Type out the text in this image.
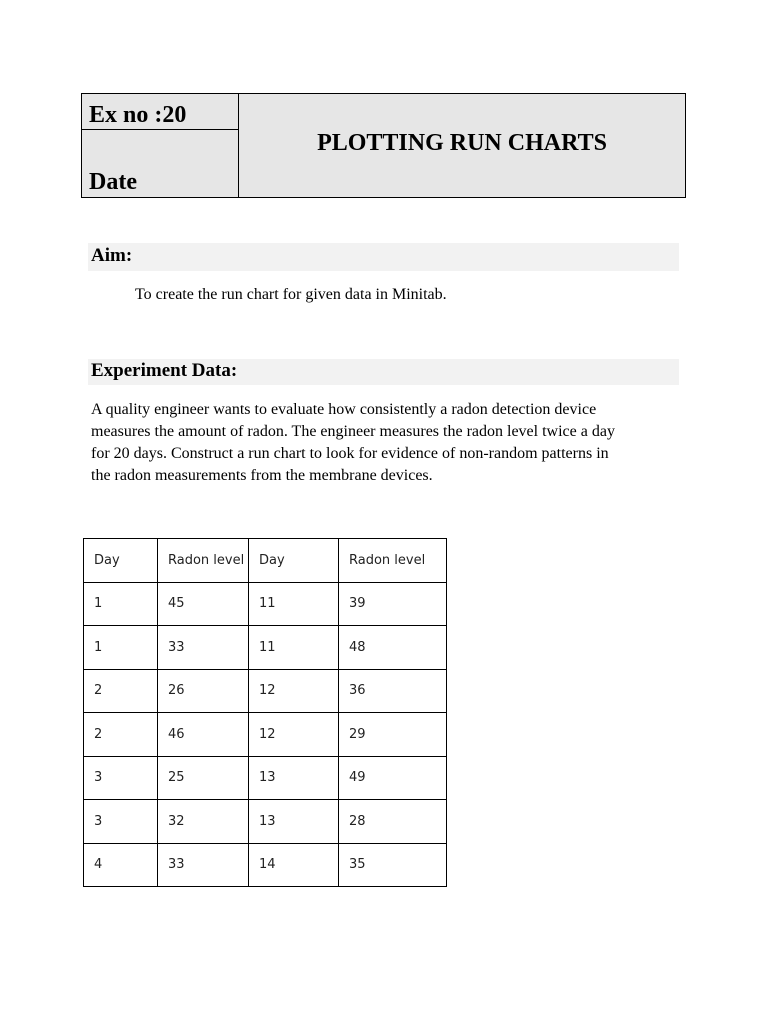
Ex no :20
Date
PLOTTING RUN CHARTS
Aim:
To create the run chart for given data in Minitab.
Experiment Data:
A quality engineer wants to evaluate how consistently a radon detection device
measures the amount of radon. The engineer measures the radon level twice a day
for 20 days. Construct a run chart to look for evidence of non-random patterns in
the radon measurements from the membrane devices.
Day	Radon level	Day	Radon level
1	45	11	39
1	33	11	48
2	26	12	36
2	46	12	29
3	25	13	49
3	32	13	28
4	33	14	35
